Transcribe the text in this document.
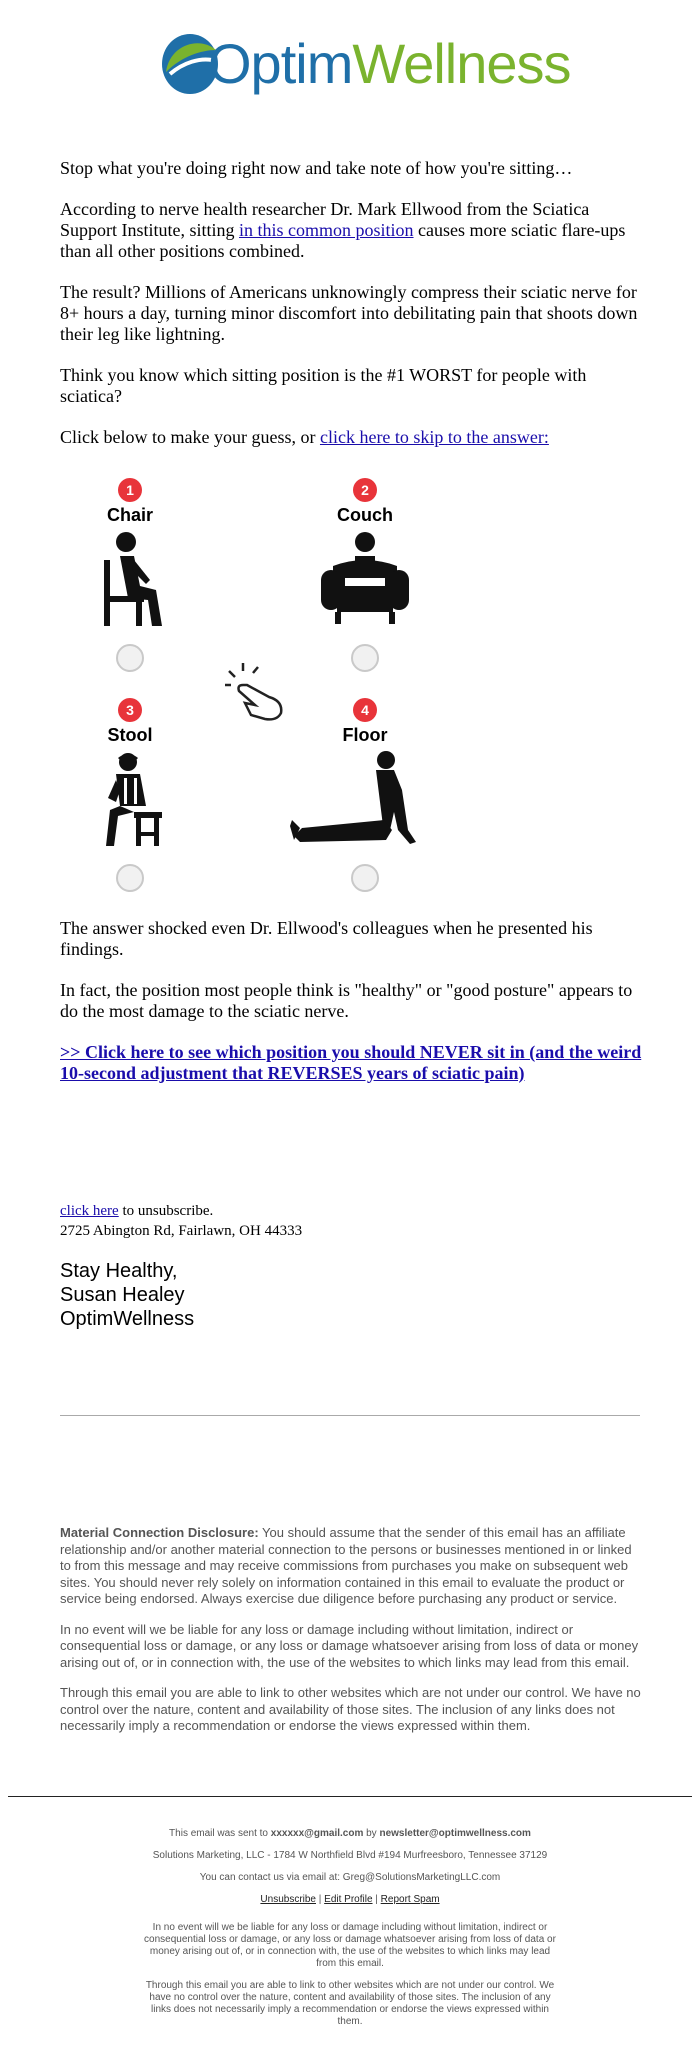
OptimWellness

Stop what you're doing right now and take note of how you're sitting…

According to nerve health researcher Dr. Mark Ellwood from the Sciatica Support Institute, sitting in this common position causes more sciatic flare-ups than all other positions combined.

The result? Millions of Americans unknowingly compress their sciatic nerve for 8+ hours a day, turning minor discomfort into debilitating pain that shoots down their leg like lightning.

Think you know which sitting position is the #1 WORST for people with sciatica?

Click below to make your guess, or click here to skip to the answer:

1
Chair
2
Couch
3
Stool
4
Floor

The answer shocked even Dr. Ellwood's colleagues when he presented his findings.

In fact, the position most people think is "healthy" or "good posture" appears to do the most damage to the sciatic nerve.

>> Click here to see which position you should NEVER sit in (and the weird 10-second adjustment that REVERSES years of sciatic pain)
click here to unsubscribe.
2725 Abington Rd, Fairlawn, OH 44333
Stay Healthy,
Susan Healey
OptimWellness

Material Connection Disclosure: You should assume that the sender of this email has an affiliate relationship and/or another material connection to the persons or businesses mentioned in or linked to from this message and may receive commissions from purchases you make on subsequent web sites. You should never rely solely on information contained in this email to evaluate the product or service being endorsed. Always exercise due diligence before purchasing any product or service.

In no event will we be liable for any loss or damage including without limitation, indirect or consequential loss or damage, or any loss or damage whatsoever arising from loss of data or money arising out of, or in connection with, the use of the websites to which links may lead from this email.

Through this email you are able to link to other websites which are not under our control. We have no control over the nature, content and availability of those sites. The inclusion of any links does not necessarily imply a recommendation or endorse the views expressed within them.

This email was sent to xxxxxx@gmail.com by newsletter@optimwellness.com

Solutions Marketing, LLC - 1784 W Northfield Blvd #194 Murfreesboro, Tennessee 37129

You can contact us via email at: Greg@SolutionsMarketingLLC.com

Unsubscribe | Edit Profile | Report Spam

In no event will we be liable for any loss or damage including without limitation, indirect or consequential loss or damage, or any loss or damage whatsoever arising from loss of data or money arising out of, or in connection with, the use of the websites to which links may lead from this email.

Through this email you are able to link to other websites which are not under our control. We have no control over the nature, content and availability of those sites. The inclusion of any links does not necessarily imply a recommendation or endorse the views expressed within them.
